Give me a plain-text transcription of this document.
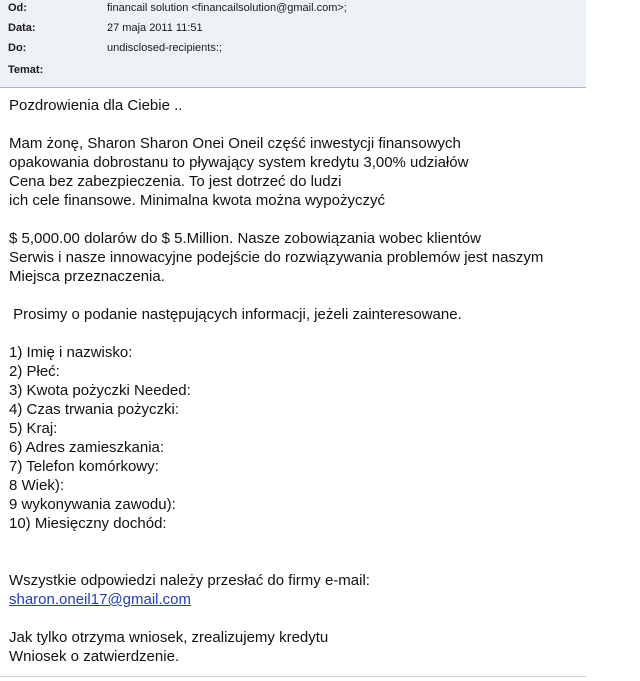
Od:	financail solution <financailsolution@gmail.com>;
Data:	27 maja 2011 11:51
Do:	undisclosed-recipients:;
Temat:
Pozdrowienia dla Ciebie ..
Mam żonę, Sharon Sharon Onei Oneil część inwestycji finansowych
opakowania dobrostanu to pływający system kredytu 3,00% udziałów
Cena bez zabezpieczenia. To jest dotrzeć do ludzi
ich cele finansowe. Minimalna kwota można wypożyczyć
$ 5,000.00 dolarów do $ 5.Million. Nasze zobowiązania wobec klientów
Serwis i nasze innowacyjne podejście do rozwiązywania problemów jest naszym
Miejsca przeznaczenia.
Prosimy o podanie następujących informacji, jeżeli zainteresowane.
1) Imię i nazwisko:
2) Płeć:
3) Kwota pożyczki Needed:
4) Czas trwania pożyczki:
5) Kraj:
6) Adres zamieszkania:
7) Telefon komórkowy:
8 Wiek):
9 wykonywania zawodu):
10) Miesięczny dochód:
Wszystkie odpowiedzi należy przesłać do firmy e-mail:
sharon.oneil17@gmail.com
Jak tylko otrzyma wniosek, zrealizujemy kredytu
Wniosek o zatwierdzenie.
